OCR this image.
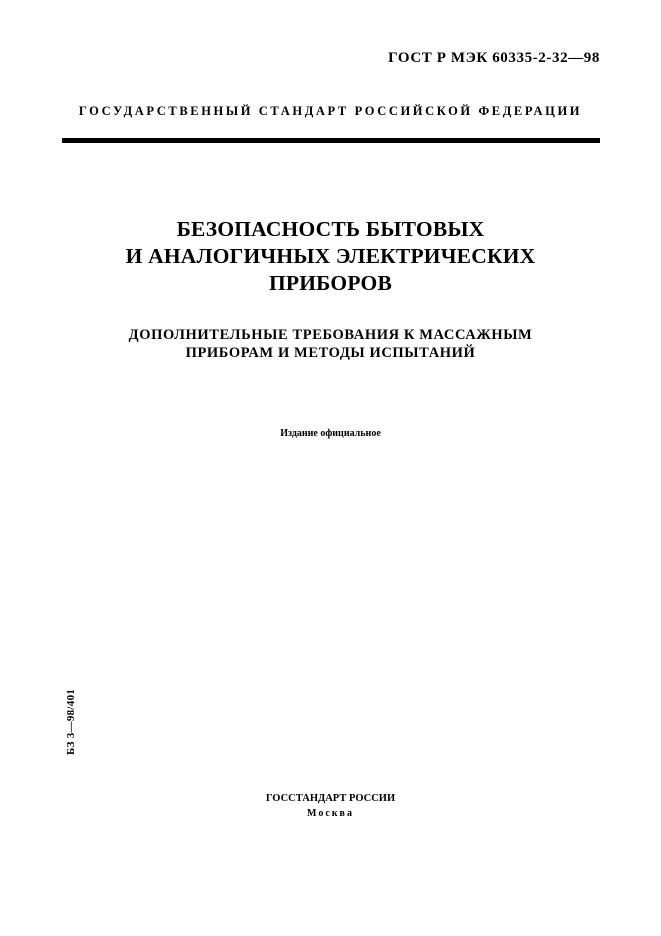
ГОСТ Р МЭК 60335-2-32—98
ГОСУДАРСТВЕННЫЙ СТАНДАРТ РОССИЙСКОЙ ФЕДЕРАЦИИ
БЕЗОПАСНОСТЬ БЫТОВЫХ
И АНАЛОГИЧНЫХ ЭЛЕКТРИЧЕСКИХ
ПРИБОРОВ
ДОПОЛНИТЕЛЬНЫЕ ТРЕБОВАНИЯ К МАССАЖНЫМ
ПРИБОРАМ И МЕТОДЫ ИСПЫТАНИЙ
Издание официальное
БЗ 3—98/401
ГОССТАНДАРТ РОССИИ
Москва
